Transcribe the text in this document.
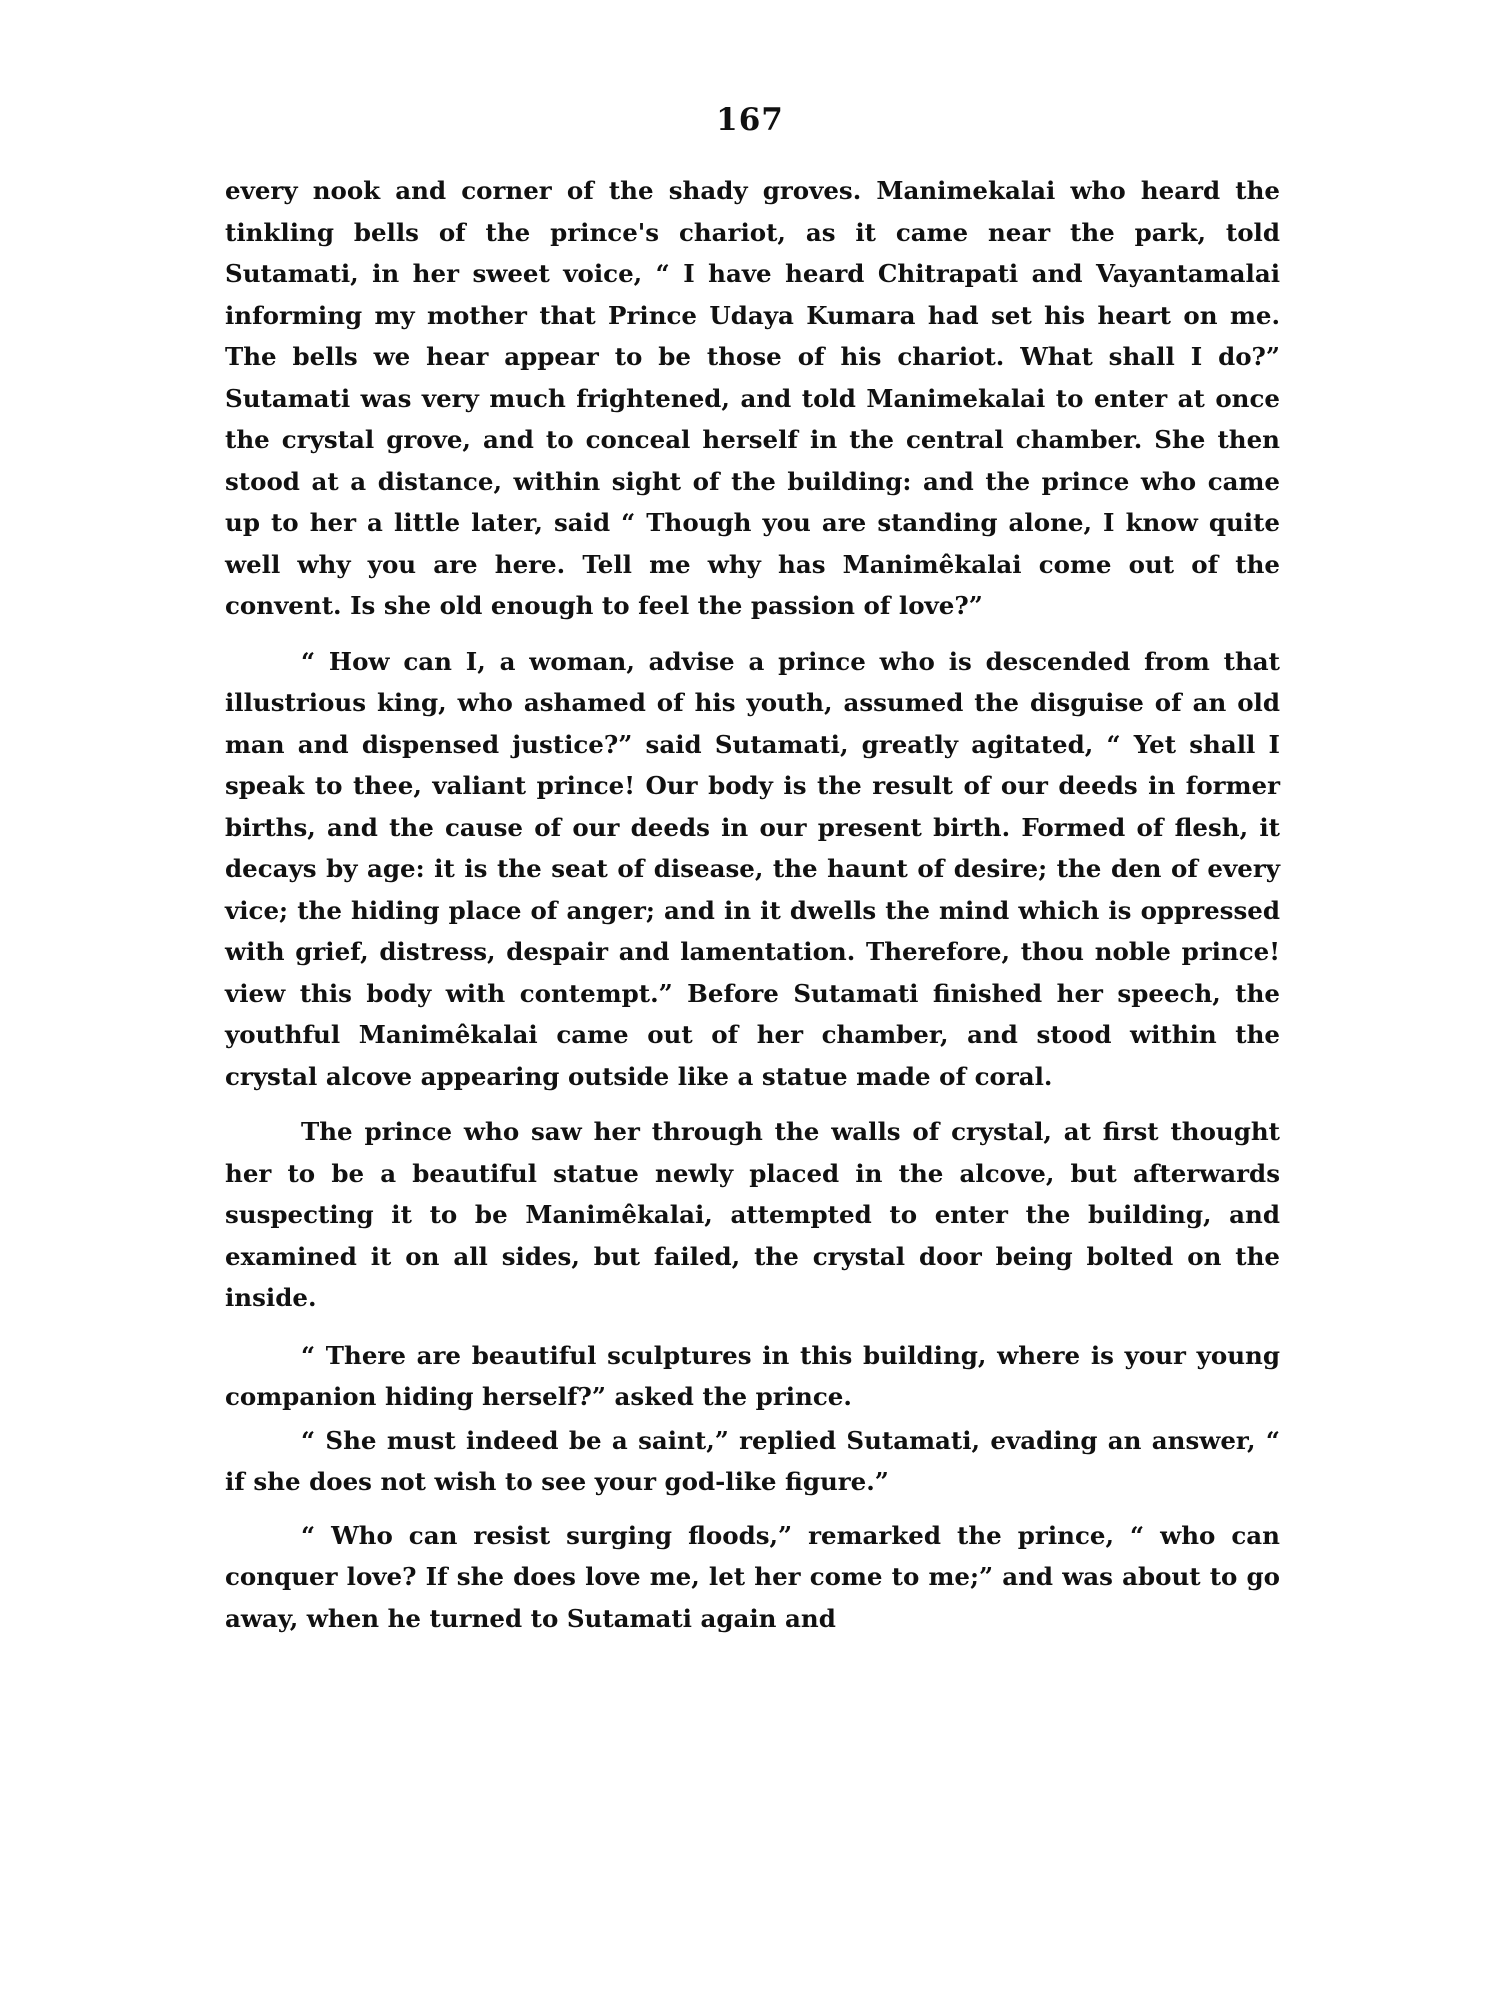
167

every nook and corner of the shady groves. Manimekalai who heard the tinkling bells of the prince's chariot, as it came near the park, told Sutamati, in her sweet voice, “ I have heard Chitrapati and Vayantamalai informing my mother that Prince Udaya Kumara had set his heart on me. The bells we hear appear to be those of his chariot. What shall I do?” Sutamati was very much frightened, and told Manimekalai to enter at once the crystal grove, and to conceal herself in the central chamber. She then stood at a distance, within sight of the building: and the prince who came up to her a little later, said “ Though you are standing alone, I know quite well why you are here. Tell me why has Manimêkalai come out of the convent. Is she old enough to feel the passion of love?”

“ How can I, a woman, advise a prince who is descended from that illustrious king, who ashamed of his youth, assumed the disguise of an old man and dispensed justice?” said Sutamati, greatly agitated, “ Yet shall I speak to thee, valiant prince! Our body is the result of our deeds in former births, and the cause of our deeds in our present birth. Formed of flesh, it decays by age: it is the seat of disease, the haunt of desire; the den of every vice; the hiding place of anger; and in it dwells the mind which is oppressed with grief, distress, despair and lamentation. Therefore, thou noble prince! view this body with contempt.” Before Sutamati finished her speech, the youthful Manimêkalai came out of her chamber, and stood within the crystal alcove appearing outside like a statue made of coral.

The prince who saw her through the walls of crystal, at first thought her to be a beautiful statue newly placed in the alcove, but afterwards suspecting it to be Manimêkalai, attempted to enter the building, and examined it on all sides, but failed, the crystal door being bolted on the inside.

“ There are beautiful sculptures in this building, where is your young companion hiding herself?” asked the prince.

“ She must indeed be a saint,” replied Sutamati, evading an answer, “ if she does not wish to see your god-like figure.”

“ Who can resist surging floods,” remarked the prince, “ who can conquer love? If she does love me, let her come to me;” and was about to go away, when he turned to Sutamati again and
